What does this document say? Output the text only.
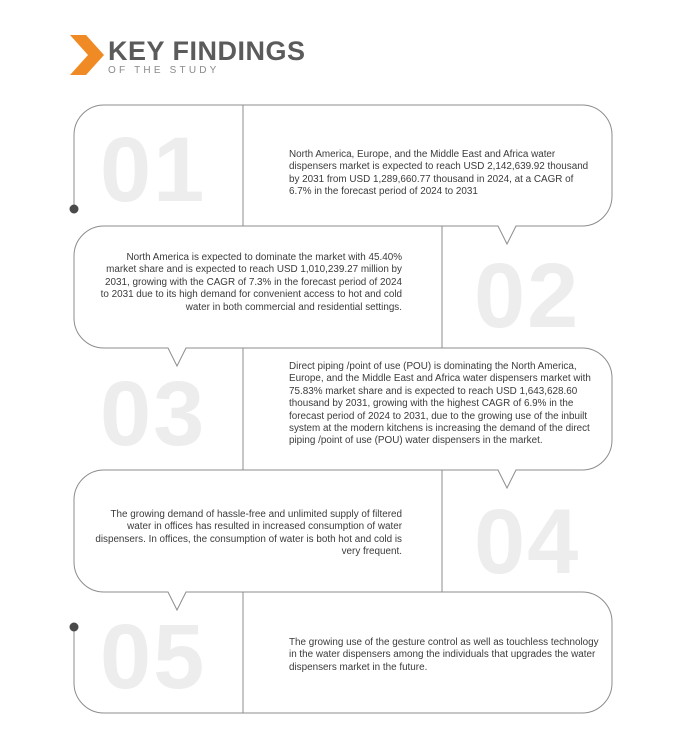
KEY FINDINGS
OF THE STUDY
01	North America, Europe, and the Middle East and Africa water dispensers market is expected to reach USD 2,142,639.92 thousand by 2031 from USD 1,289,660.77 thousand in 2024, at a CAGR of 6.7% in the forecast period of 2024 to 2031
02
North America is expected to dominate the market with 45.40% market share and is expected to reach USD 1,010,239.27 million by 2031, growing with the CAGR of 7.3% in the forecast period of 2024 to 2031 due to its high demand for convenient access to hot and cold water in both commercial and residential settings.
03	Direct piping /point of use (POU) is dominating the North America, Europe, and the Middle East and Africa water dispensers market with 75.83% market share and is expected to reach USD 1,643,628.60 thousand by 2031, growing with the highest CAGR of 6.9% in the forecast period of 2024 to 2031, due to the growing use of the inbuilt system at the modern kitchens is increasing the demand of the direct piping /point of use (POU) water dispensers in the market.
04
The growing demand of hassle-free and unlimited supply of filtered water in offices has resulted in increased consumption of water dispensers. In offices, the consumption of water is both hot and cold is very frequent.
05	The growing use of the gesture control as well as touchless technology in the water dispensers among the individuals that upgrades the water dispensers market in the future.
